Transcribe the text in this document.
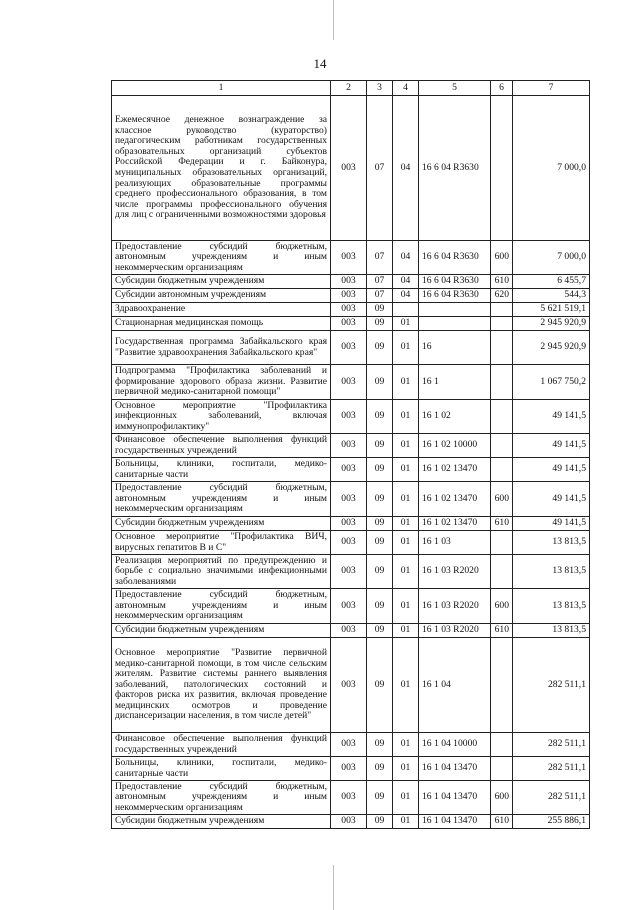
14
1	2	3	4	5	6	7
Ежемесячное денежное вознаграждение за классное руководство (кураторство) педагогическим работникам государственных образовательных организаций субъектов Российской Федерации и г. Байконура, муниципальных образовательных организаций, реализующих образовательные программы среднего профессионального образования, в том числе программы профессионального обучения для лиц с ограниченными возможностями здоровья	003	07	04	16 6 04 R3630		7 000,0
Предоставление субсидий бюджетным, автономным учреждениям и иным некоммерческим организациям	003	07	04	16 6 04 R3630	600	7 000,0
Субсидии бюджетным учреждениям	003	07	04	16 6 04 R3630	610	6 455,7
Субсидии автономным учреждениям	003	07	04	16 6 04 R3630	620	544,3
Здравоохранение	003	09				5 621 519,1
Стационарная медицинская помощь	003	09	01			2 945 920,9
Государственная программа Забайкальского края "Развитие здравоохранения Забайкальского края"	003	09	01	16		2 945 920,9
Подпрограмма "Профилактика заболеваний и формирование здорового образа жизни. Развитие первичной медико-санитарной помощи"	003	09	01	16 1		1 067 750,2
Основное мероприятие "Профилактика инфекционных заболеваний, включая иммунопрофилактику"	003	09	01	16 1 02		49 141,5
Финансовое обеспечение выполнения функций государственных учреждений	003	09	01	16 1 02 10000		49 141,5
Больницы, клиники, госпитали, медико-санитарные части	003	09	01	16 1 02 13470		49 141,5
Предоставление субсидий бюджетным, автономным учреждениям и иным некоммерческим организациям	003	09	01	16 1 02 13470	600	49 141,5
Субсидии бюджетным учреждениям	003	09	01	16 1 02 13470	610	49 141,5
Основное мероприятие "Профилактика ВИЧ, вирусных гепатитов B и C"	003	09	01	16 1 03		13 813,5
Реализация мероприятий по предупреждению и борьбе с социально значимыми инфекционными заболеваниями	003	09	01	16 1 03 R2020		13 813,5
Предоставление субсидий бюджетным, автономным учреждениям и иным некоммерческим организациям	003	09	01	16 1 03 R2020	600	13 813,5
Субсидии бюджетным учреждениям	003	09	01	16 1 03 R2020	610	13 813,5
Основное мероприятие "Развитие первичной медико-санитарной помощи, в том числе сельским жителям. Развитие системы раннего выявления заболеваний, патологических состояний и факторов риска их развития, включая проведение медицинских осмотров и проведение диспансеризации населения, в том числе детей"	003	09	01	16 1 04		282 511,1
Финансовое обеспечение выполнения функций государственных учреждений	003	09	01	16 1 04 10000		282 511,1
Больницы, клиники, госпитали, медико-санитарные части	003	09	01	16 1 04 13470		282 511,1
Предоставление субсидий бюджетным, автономным учреждениям и иным некоммерческим организациям	003	09	01	16 1 04 13470	600	282 511,1
Субсидии бюджетным учреждениям	003	09	01	16 1 04 13470	610	255 886,1
